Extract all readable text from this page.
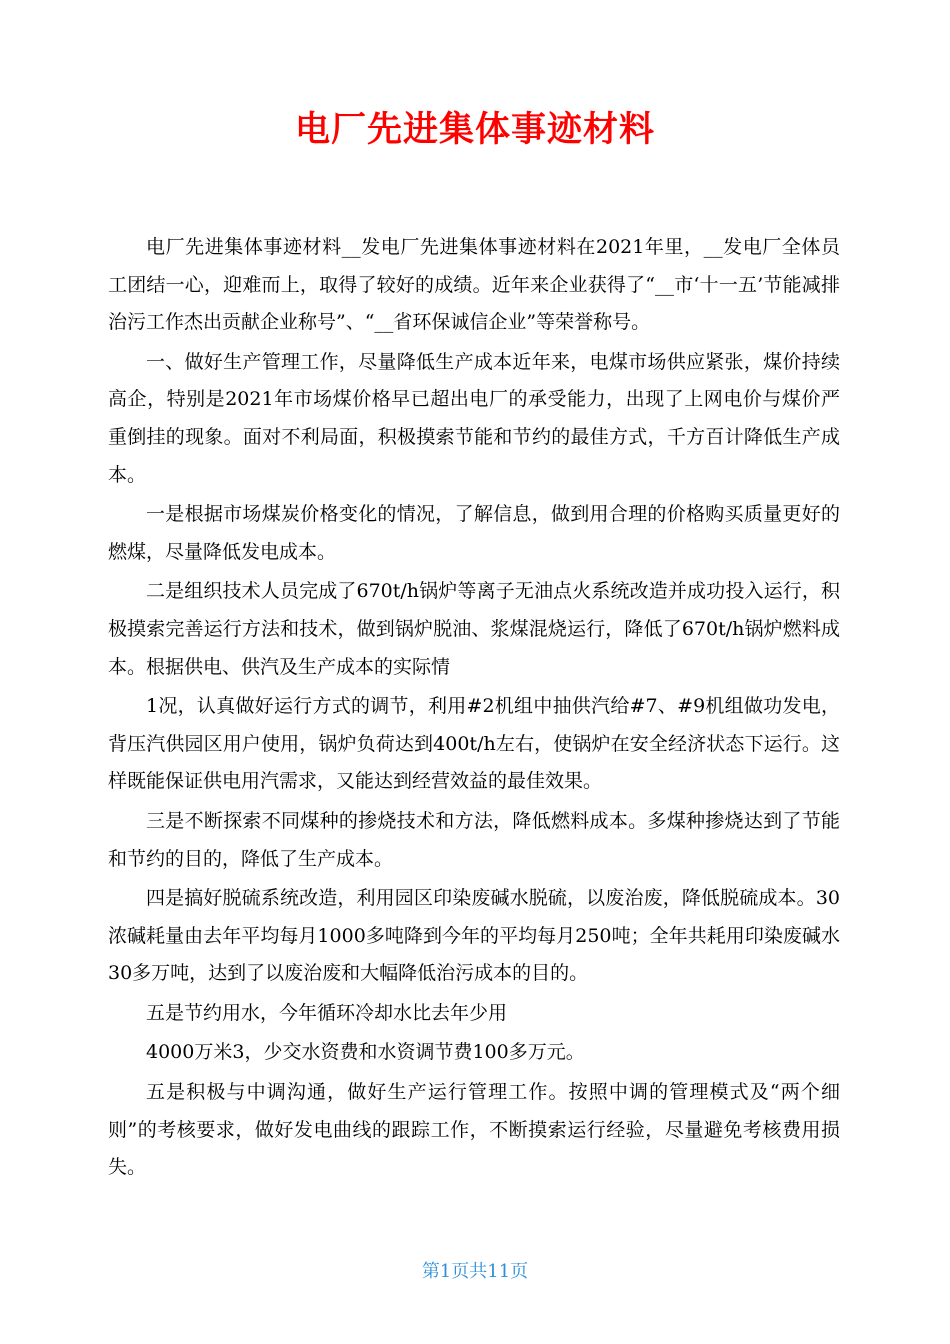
电厂先进集体事迹材料

电厂先进集体事迹材料__发电厂先进集体事迹材料在2021年里，__发电厂全体员工团结一心，迎难而上，取得了较好的成绩。近年来企业获得了“__市‘十一五’节能减排治污工作杰出贡献企业称号”、“__省环保诚信企业”等荣誉称号。

一、做好生产管理工作，尽量降低生产成本近年来，电煤市场供应紧张，煤价持续高企，特别是2021年市场煤价格早已超出电厂的承受能力，出现了上网电价与煤价严重倒挂的现象。面对不利局面，积极摸索节能和节约的最佳方式，千方百计降低生产成本。

一是根据市场煤炭价格变化的情况，了解信息，做到用合理的价格购买质量更好的燃煤，尽量降低发电成本。

二是组织技术人员完成了670t/h锅炉等离子无油点火系统改造并成功投入运行，积极摸索完善运行方法和技术，做到锅炉脱油、浆煤混烧运行，降低了670t/h锅炉燃料成本。根据供电、供汽及生产成本的实际情

1况，认真做好运行方式的调节，利用#2机组中抽供汽给#7、#9机组做功发电，背压汽供园区用户使用，锅炉负荷达到400t/h左右，使锅炉在安全经济状态下运行。这样既能保证供电用汽需求，又能达到经营效益的最佳效果。

三是不断探索不同煤种的掺烧技术和方法，降低燃料成本。多煤种掺烧达到了节能和节约的目的，降低了生产成本。

四是搞好脱硫系统改造，利用园区印染废碱水脱硫，以废治废，降低脱硫成本。30浓碱耗量由去年平均每月1000多吨降到今年的平均每月250吨；全年共耗用印染废碱水30多万吨，达到了以废治废和大幅降低治污成本的目的。

五是节约用水，今年循环冷却水比去年少用

4000万米3，少交水资费和水资调节费100多万元。

五是积极与中调沟通，做好生产运行管理工作。按照中调的管理模式及“两个细则”的考核要求，做好发电曲线的跟踪工作，不断摸索运行经验，尽量避免考核费用损失。

第1页共11页
